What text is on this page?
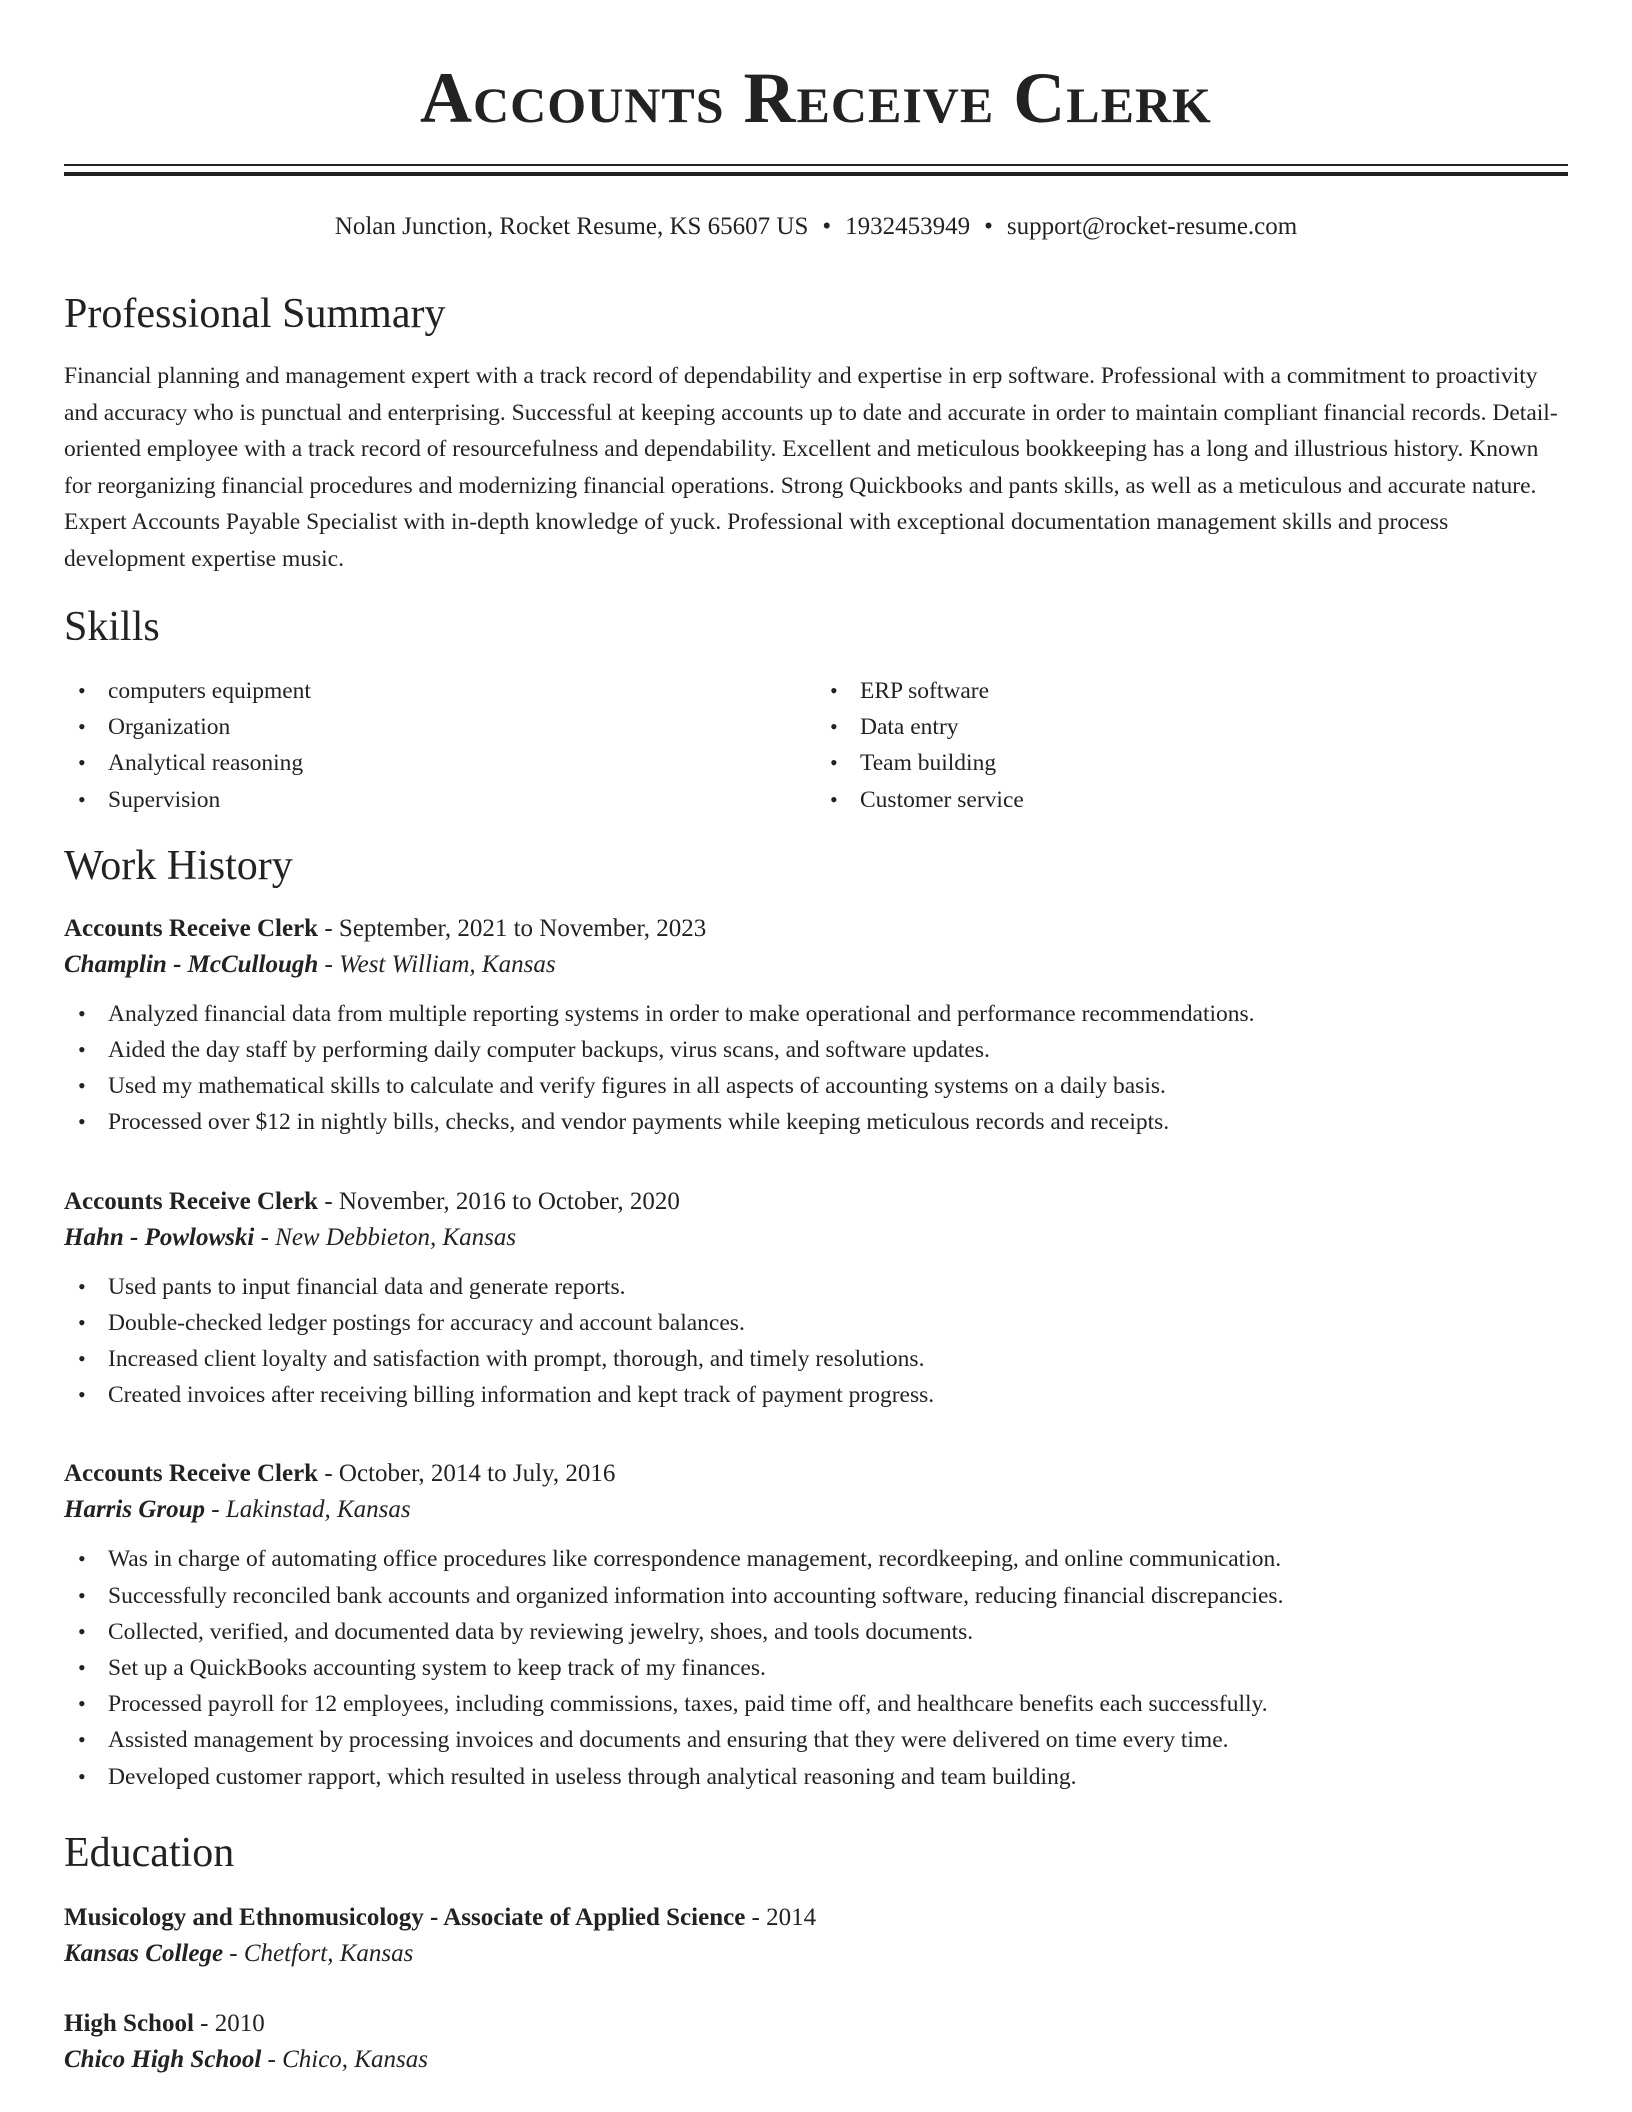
Accounts Receive Clerk
Nolan Junction, Rocket Resume, KS 65607 US • 1932453949 • support@rocket-resume.com
Professional Summary

Financial planning and management expert with a track record of dependability and expertise in erp software. Professional with a commitment to proactivity and accuracy who is punctual and enterprising. Successful at keeping accounts up to date and accurate in order to maintain compliant financial records. Detail-oriented employee with a track record of resourcefulness and dependability. Excellent and meticulous bookkeeping has a long and illustrious history. Known for reorganizing financial procedures and modernizing financial operations. Strong Quickbooks and pants skills, as well as a meticulous and accurate nature. Expert Accounts Payable Specialist with in-depth knowledge of yuck. Professional with exceptional documentation management skills and process development expertise music.

Skills
• computers equipment
• Organization
• Analytical reasoning
• Supervision
• ERP software
• Data entry
• Team building
• Customer service
Work History
Accounts Receive Clerk - September, 2021 to November, 2023
Champlin - McCullough - West William, Kansas
• Analyzed financial data from multiple reporting systems in order to make operational and performance recommendations.
• Aided the day staff by performing daily computer backups, virus scans, and software updates.
• Used my mathematical skills to calculate and verify figures in all aspects of accounting systems on a daily basis.
• Processed over $12 in nightly bills, checks, and vendor payments while keeping meticulous records and receipts.
Accounts Receive Clerk - November, 2016 to October, 2020
Hahn - Powlowski - New Debbieton, Kansas
• Used pants to input financial data and generate reports.
• Double-checked ledger postings for accuracy and account balances.
• Increased client loyalty and satisfaction with prompt, thorough, and timely resolutions.
• Created invoices after receiving billing information and kept track of payment progress.
Accounts Receive Clerk - October, 2014 to July, 2016
Harris Group - Lakinstad, Kansas
• Was in charge of automating office procedures like correspondence management, recordkeeping, and online communication.
• Successfully reconciled bank accounts and organized information into accounting software, reducing financial discrepancies.
• Collected, verified, and documented data by reviewing jewelry, shoes, and tools documents.
• Set up a QuickBooks accounting system to keep track of my finances.
• Processed payroll for 12 employees, including commissions, taxes, paid time off, and healthcare benefits each successfully.
• Assisted management by processing invoices and documents and ensuring that they were delivered on time every time.
• Developed customer rapport, which resulted in useless through analytical reasoning and team building.
Education
Musicology and Ethnomusicology - Associate of Applied Science - 2014
Kansas College - Chetfort, Kansas
High School - 2010
Chico High School - Chico, Kansas
